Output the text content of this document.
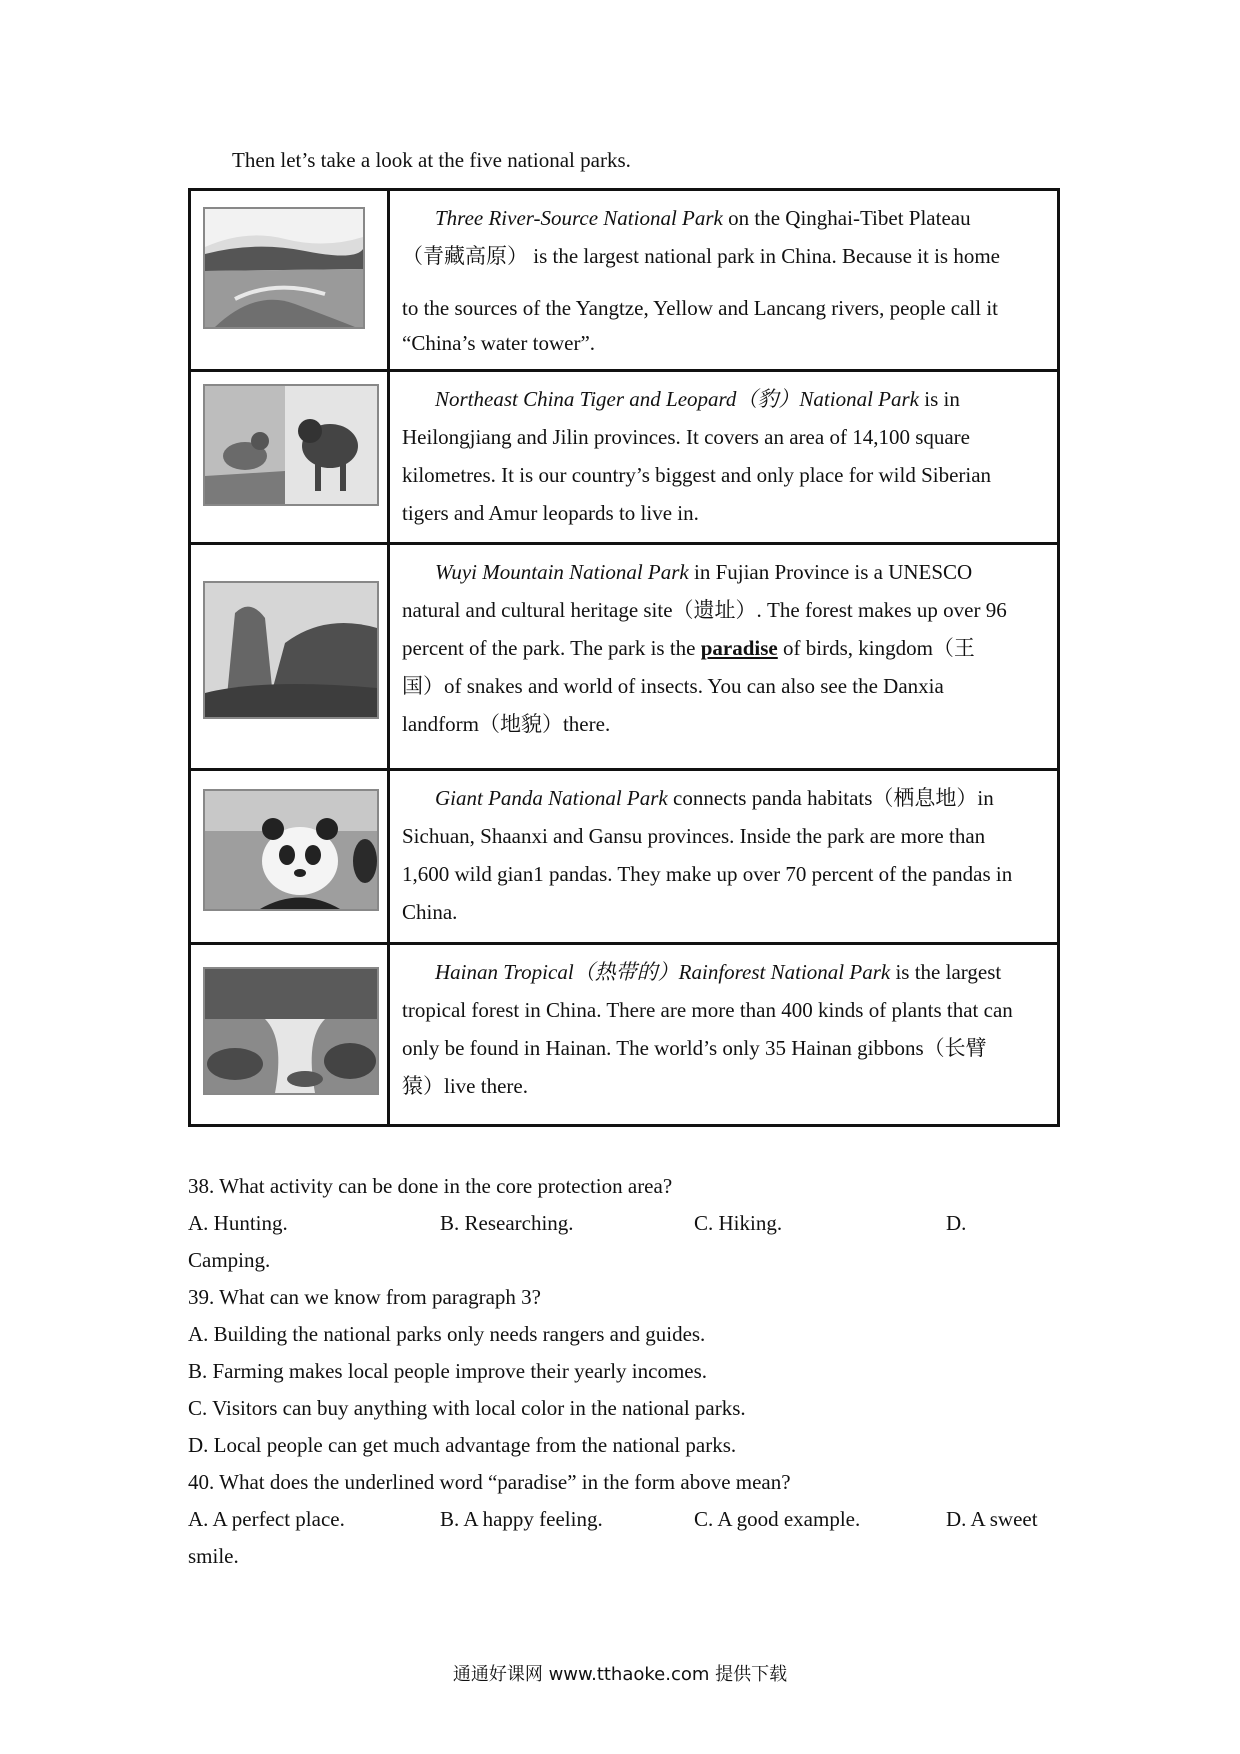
Then let’s take a look at the five national parks.

Three River-Source National Park on the Qinghai-Tibet Plateau

（青藏高原） is the largest national park in China. Because it is home

to the sources of the Yangtze, Yellow and Lancang rivers, people call it

“China’s water tower”.

Northeast China Tiger and Leopard（豹）National Park is in

Heilongjiang and Jilin provinces. It covers an area of 14,100 square

kilometres. It is our country’s biggest and only place for wild Siberian

tigers and Amur leopards to live in.

Wuyi Mountain National Park in Fujian Province is a UNESCO

natural and cultural heritage site（遗址）. The forest makes up over 96

percent of the park. The park is the paradise of birds, kingdom（王

国）of snakes and world of insects. You can also see the Danxia

landform（地貌）there.

Giant Panda National Park connects panda habitats（栖息地）in

Sichuan, Shaanxi and Gansu provinces. Inside the park are more than

1,600 wild gian1 pandas. They make up over 70 percent of the pandas in

China.

Hainan Tropical（热带的）Rainforest National Park is the largest

tropical forest in China. There are more than 400 kinds of plants that can

only be found in Hainan. The world’s only 35 Hainan gibbons（长臂

猿）live there.

38. What activity can be done in the core protection area?
A. Hunting.	B. Researching.	C. Hiking.	D.
Camping.
39. What can we know from paragraph 3?
A. Building the national parks only needs rangers and guides.
B. Farming makes local people improve their yearly incomes.
C. Visitors can buy anything with local color in the national parks.
D. Local people can get much advantage from the national parks.
40. What does the underlined word “paradise” in the form above mean?
A. A perfect place.	B. A happy feeling.	C. A good example.	D. A sweet
smile.
通通好课网 www.tthaoke.com 提供下载
